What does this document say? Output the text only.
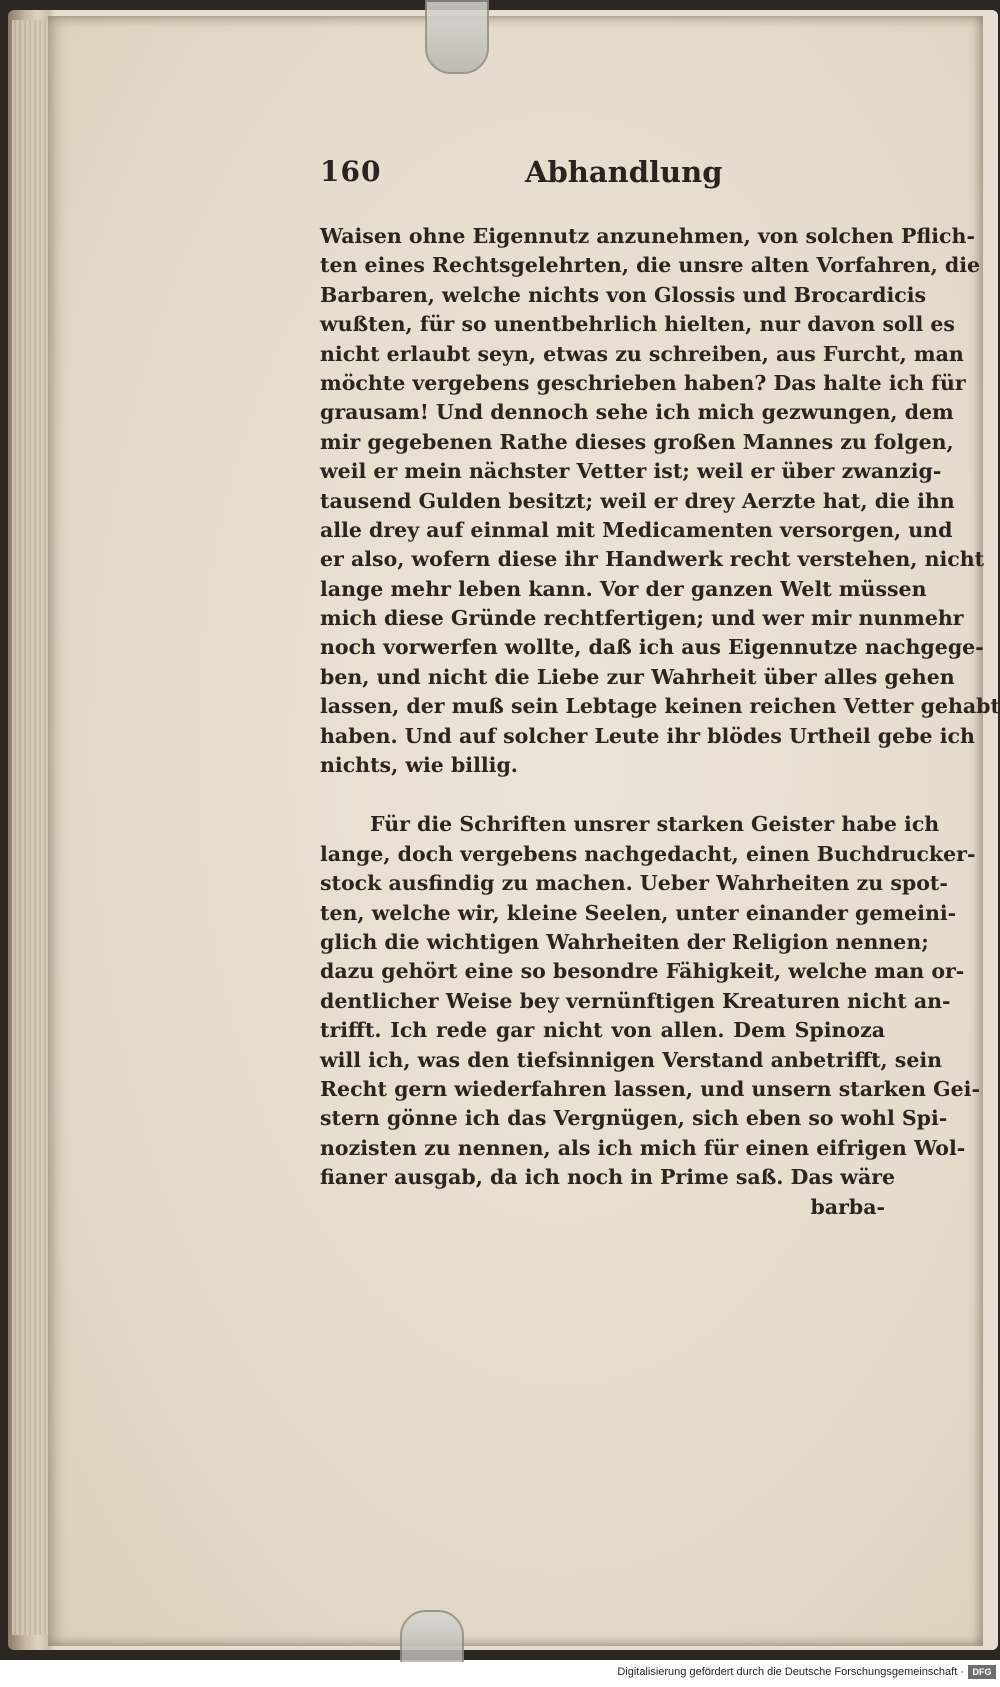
160	Abhandlung
Waisen ohne Eigennutz anzunehmen, von solchen Pflich-
ten eines Rechtsgelehrten, die unsre alten Vorfahren, die
Barbaren, welche nichts von Glossis und Brocardicis
wußten, für so unentbehrlich hielten, nur davon soll es
nicht erlaubt seyn, etwas zu schreiben, aus Furcht, man
möchte vergebens geschrieben haben? Das halte ich für
grausam! Und dennoch sehe ich mich gezwungen, dem
mir gegebenen Rathe dieses großen Mannes zu folgen,
weil er mein nächster Vetter ist; weil er über zwanzig-
tausend Gulden besitzt; weil er drey Aerzte hat, die ihn
alle drey auf einmal mit Medicamenten versorgen, und
er also, wofern diese ihr Handwerk recht verstehen, nicht
lange mehr leben kann. Vor der ganzen Welt müssen
mich diese Gründe rechtfertigen; und wer mir nunmehr
noch vorwerfen wollte, daß ich aus Eigennutze nachgege-
ben, und nicht die Liebe zur Wahrheit über alles gehen
lassen, der muß sein Lebtage keinen reichen Vetter gehabt
haben. Und auf solcher Leute ihr blödes Urtheil gebe ich
nichts, wie billig.
Für die Schriften unsrer starken Geister habe ich
lange, doch vergebens nachgedacht, einen Buchdrucker-
stock ausfindig zu machen. Ueber Wahrheiten zu spot-
ten, welche wir, kleine Seelen, unter einander gemeini-
glich die wichtigen Wahrheiten der Religion nennen;
dazu gehört eine so besondre Fähigkeit, welche man or-
dentlicher Weise bey vernünftigen Kreaturen nicht an-
trifft. Ich rede gar nicht von allen. Dem Spinoza
will ich, was den tiefsinnigen Verstand anbetrifft, sein
Recht gern wiederfahren lassen, und unsern starken Gei-
stern gönne ich das Vergnügen, sich eben so wohl Spi-
nozisten zu nennen, als ich mich für einen eifrigen Wol-
fianer ausgab, da ich noch in Prime saß. Das wäre
barba-
Digitalisierung gefördert durch die Deutsche Forschungsgemeinschaft · DFG
